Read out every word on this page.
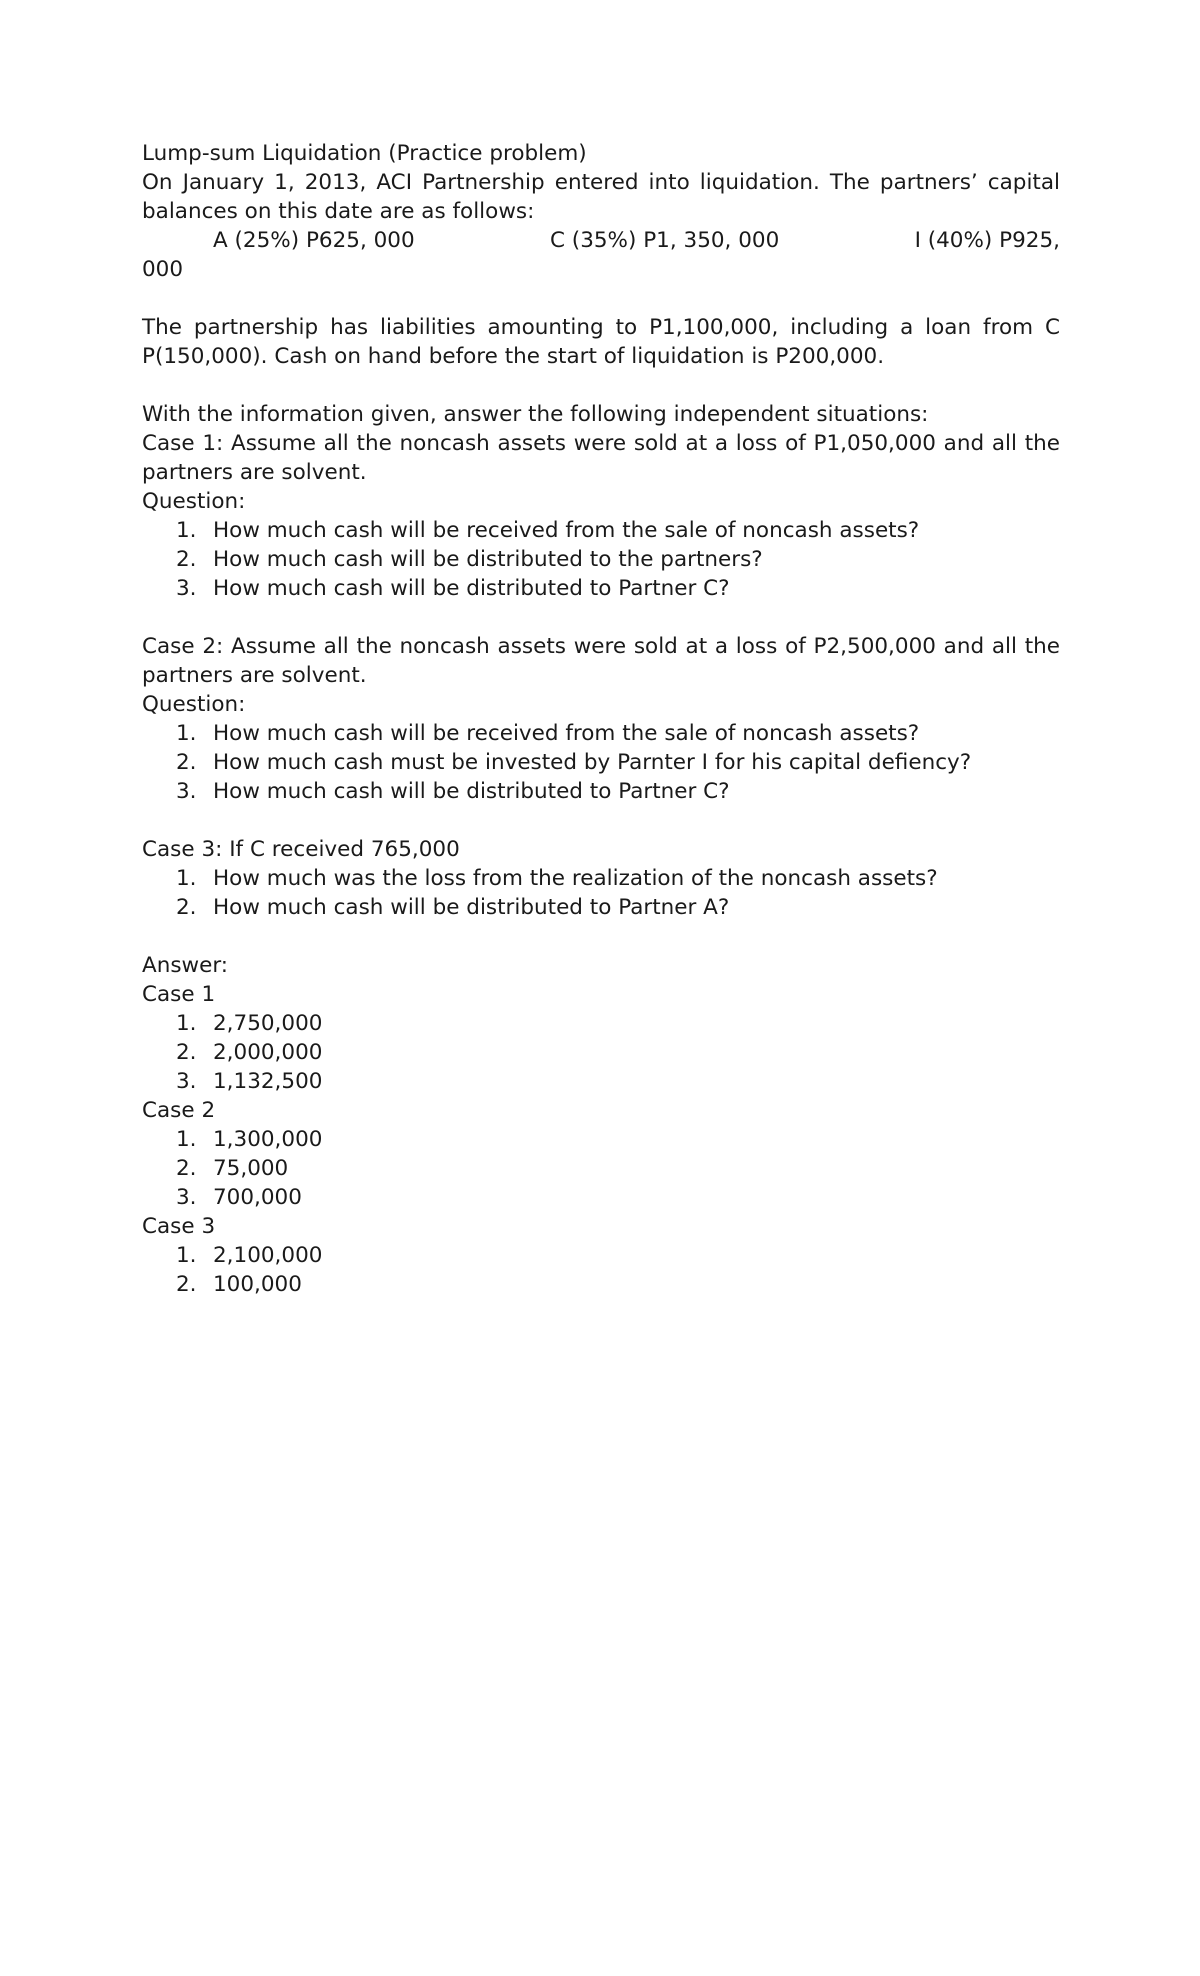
Lump-sum Liquidation (Practice problem)
On January 1, 2013, ACI Partnership entered into liquidation. The partners’ capital
balances on this date are as follows:
A (25%) P625, 000	C (35%) P1, 350, 000	I (40%) P925,
000
The partnership has liabilities amounting to P1,100,000, including a loan from C
P(150,000). Cash on hand before the start of liquidation is P200,000.
With the information given, answer the following independent situations:
Case 1: Assume all the noncash assets were sold at a loss of P1,050,000 and all the
partners are solvent.
Question:
1. How much cash will be received from the sale of noncash assets?
2. How much cash will be distributed to the partners?
3. How much cash will be distributed to Partner C?
Case 2: Assume all the noncash assets were sold at a loss of P2,500,000 and all the
partners are solvent.
Question:
1. How much cash will be received from the sale of noncash assets?
2. How much cash must be invested by Parnter I for his capital defiency?
3. How much cash will be distributed to Partner C?
Case 3: If C received 765,000
1. How much was the loss from the realization of the noncash assets?
2. How much cash will be distributed to Partner A?
Answer:
Case 1
1. 2,750,000
2. 2,000,000
3. 1,132,500
Case 2
1. 1,300,000
2. 75,000
3. 700,000
Case 3
1. 2,100,000
2. 100,000
